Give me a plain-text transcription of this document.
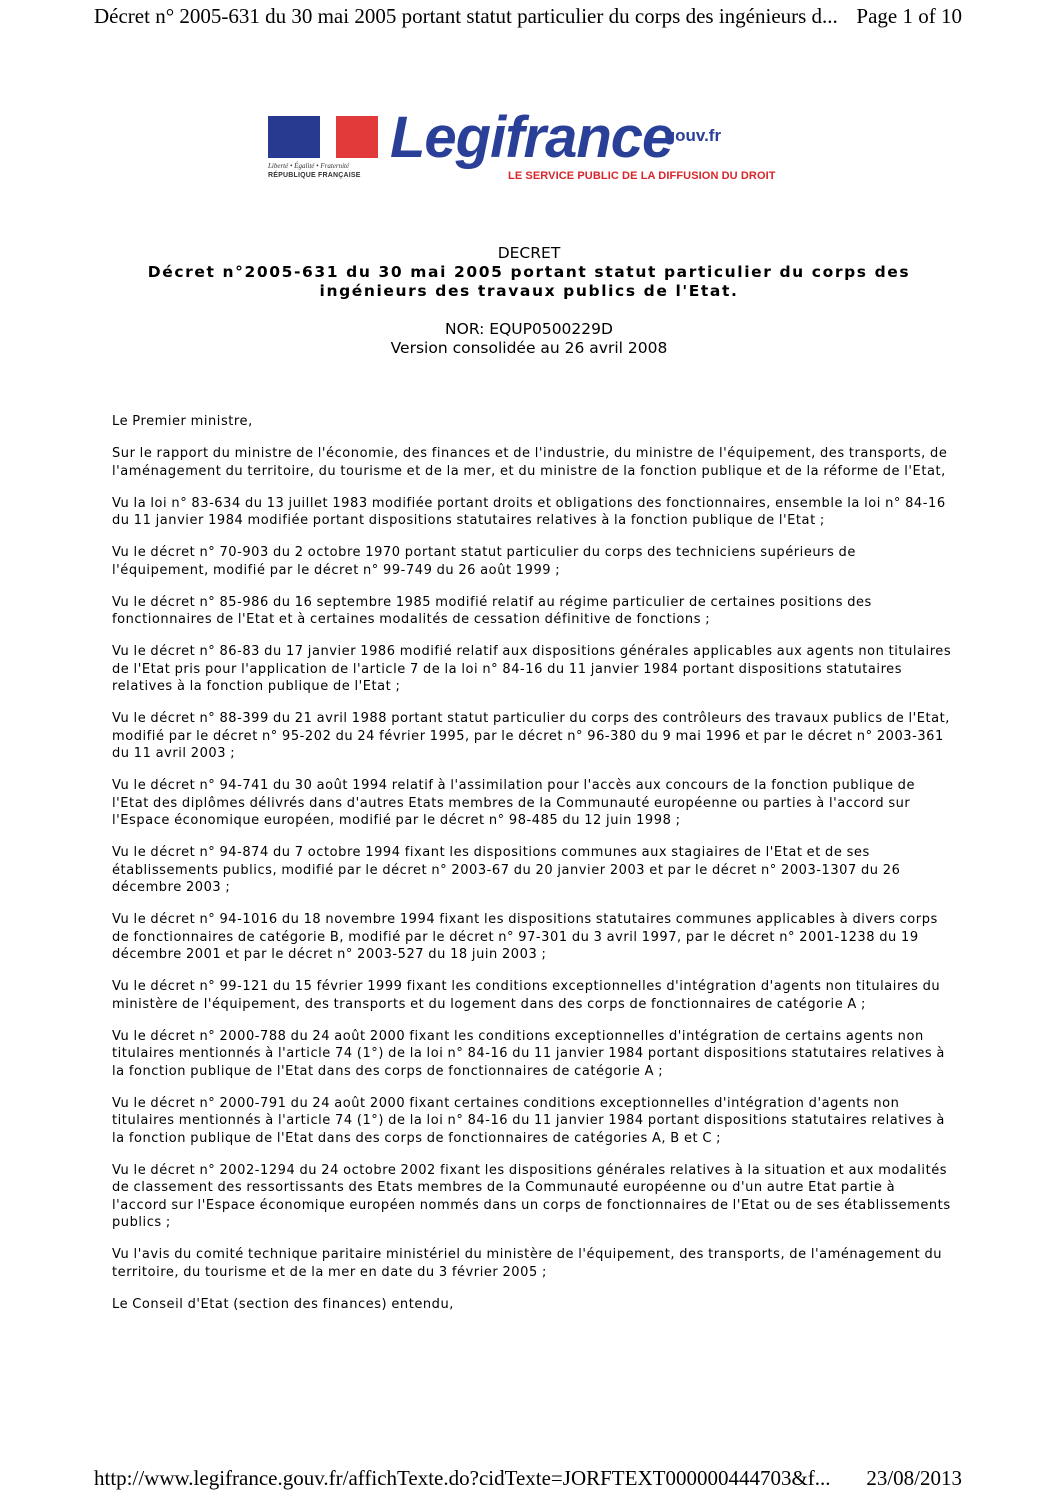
Décret n° 2005-631 du 30 mai 2005 portant statut particulier du corps des ingénieurs d... Page 1 of 10
Liberté • Égalité • Fraternité
RÉPUBLIQUE FRANÇAISE
Legifrance
.gouv.fr
LE SERVICE PUBLIC DE LA DIFFUSION DU DROIT
DECRET
Décret n°2005-631 du 30 mai 2005 portant statut particulier du corps des ingénieurs des travaux publics de l'Etat.
NOR: EQUP0500229D
Version consolidée au 26 avril 2008

Le Premier ministre,

Sur le rapport du ministre de l'économie, des finances et de l'industrie, du ministre de l'équipement, des transports, de l'aménagement du territoire, du tourisme et de la mer, et du ministre de la fonction publique et de la réforme de l'Etat,

Vu la loi n° 83-634 du 13 juillet 1983 modifiée portant droits et obligations des fonctionnaires, ensemble la loi n° 84-16 du 11 janvier 1984 modifiée portant dispositions statutaires relatives à la fonction publique de l'Etat ;

Vu le décret n° 70-903 du 2 octobre 1970 portant statut particulier du corps des techniciens supérieurs de l'équipement, modifié par le décret n° 99-749 du 26 août 1999 ;

Vu le décret n° 85-986 du 16 septembre 1985 modifié relatif au régime particulier de certaines positions des fonctionnaires de l'Etat et à certaines modalités de cessation définitive de fonctions ;

Vu le décret n° 86-83 du 17 janvier 1986 modifié relatif aux dispositions générales applicables aux agents non titulaires de l'Etat pris pour l'application de l'article 7 de la loi n° 84-16 du 11 janvier 1984 portant dispositions statutaires relatives à la fonction publique de l'Etat ;

Vu le décret n° 88-399 du 21 avril 1988 portant statut particulier du corps des contrôleurs des travaux publics de l'Etat, modifié par le décret n° 95-202 du 24 février 1995, par le décret n° 96-380 du 9 mai 1996 et par le décret n° 2003-361 du 11 avril 2003 ;

Vu le décret n° 94-741 du 30 août 1994 relatif à l'assimilation pour l'accès aux concours de la fonction publique de l'Etat des diplômes délivrés dans d'autres Etats membres de la Communauté européenne ou parties à l'accord sur l'Espace économique européen, modifié par le décret n° 98-485 du 12 juin 1998 ;

Vu le décret n° 94-874 du 7 octobre 1994 fixant les dispositions communes aux stagiaires de l'Etat et de ses établissements publics, modifié par le décret n° 2003-67 du 20 janvier 2003 et par le décret n° 2003-1307 du 26 décembre 2003 ;

Vu le décret n° 94-1016 du 18 novembre 1994 fixant les dispositions statutaires communes applicables à divers corps de fonctionnaires de catégorie B, modifié par le décret n° 97-301 du 3 avril 1997, par le décret n° 2001-1238 du 19 décembre 2001 et par le décret n° 2003-527 du 18 juin 2003 ;

Vu le décret n° 99-121 du 15 février 1999 fixant les conditions exceptionnelles d'intégration d'agents non titulaires du ministère de l'équipement, des transports et du logement dans des corps de fonctionnaires de catégorie A ;

Vu le décret n° 2000-788 du 24 août 2000 fixant les conditions exceptionnelles d'intégration de certains agents non titulaires mentionnés à l'article 74 (1°) de la loi n° 84-16 du 11 janvier 1984 portant dispositions statutaires relatives à la fonction publique de l'Etat dans des corps de fonctionnaires de catégorie A ;

Vu le décret n° 2000-791 du 24 août 2000 fixant certaines conditions exceptionnelles d'intégration d'agents non titulaires mentionnés à l'article 74 (1°) de la loi n° 84-16 du 11 janvier 1984 portant dispositions statutaires relatives à la fonction publique de l'Etat dans des corps de fonctionnaires de catégories A, B et C ;

Vu le décret n° 2002-1294 du 24 octobre 2002 fixant les dispositions générales relatives à la situation et aux modalités de classement des ressortissants des Etats membres de la Communauté européenne ou d'un autre Etat partie à l'accord sur l'Espace économique européen nommés dans un corps de fonctionnaires de l'Etat ou de ses établissements publics ;

Vu l'avis du comité technique paritaire ministériel du ministère de l'équipement, des transports, de l'aménagement du territoire, du tourisme et de la mer en date du 3 février 2005 ;

Le Conseil d'Etat (section des finances) entendu,

http://www.legifrance.gouv.fr/affichTexte.do?cidTexte=JORFTEXT000000444703&f... 23/08/2013
